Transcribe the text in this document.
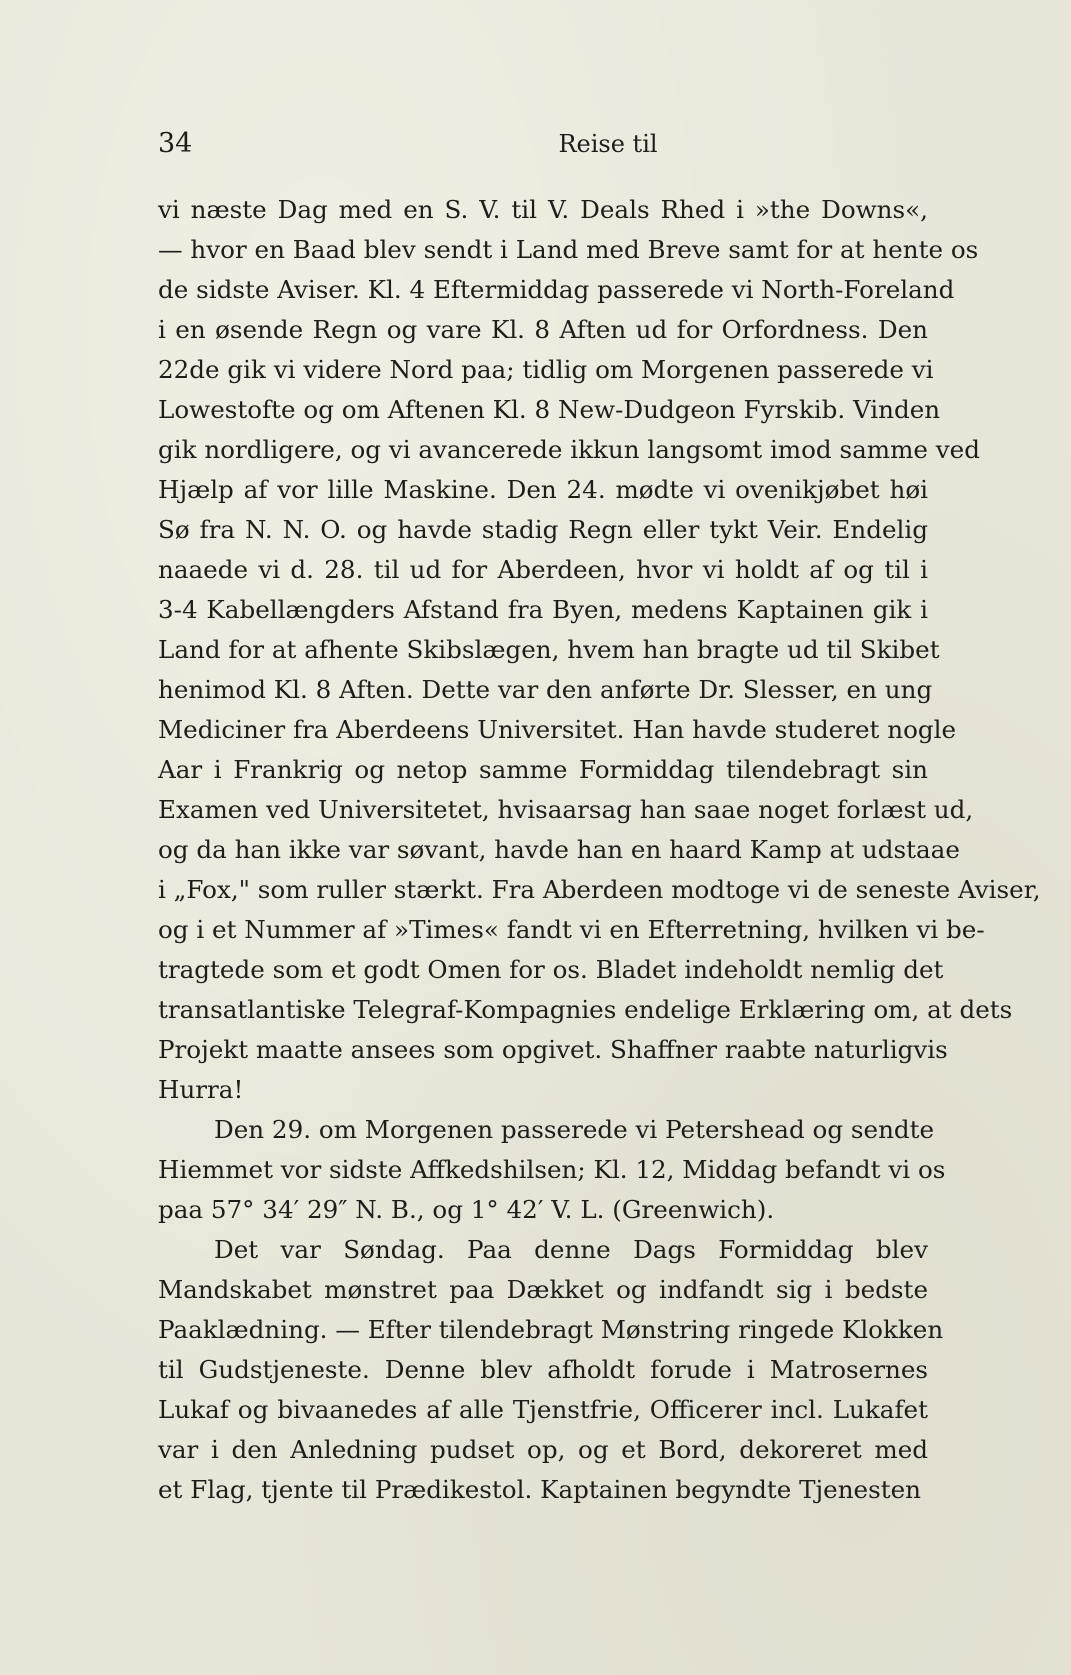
34	Reise til

vi næste Dag med en S. V. til V. Deals Rhed i »the Downs«,
— hvor en Baad blev sendt i Land med Breve samt for at hente os
de sidste Aviser. Kl. 4 Eftermiddag passerede vi North-Foreland
i en øsende Regn og vare Kl. 8 Aften ud for Orfordness. Den
22de gik vi videre Nord paa; tidlig om Morgenen passerede vi
Lowestofte og om Aftenen Kl. 8 New-Dudgeon Fyrskib. Vinden
gik nordligere, og vi avancerede ikkun langsomt imod samme ved
Hjælp af vor lille Maskine. Den 24. mødte vi ovenikjøbet høi
Sø fra N. N. O. og havde stadig Regn eller tykt Veir. Endelig
naaede vi d. 28. til ud for Aberdeen, hvor vi holdt af og til i
3-4 Kabellængders Afstand fra Byen, medens Kaptainen gik i
Land for at afhente Skibslægen, hvem han bragte ud til Skibet
henimod Kl. 8 Aften. Dette var den anførte Dr. Slesser, en ung
Mediciner fra Aberdeens Universitet. Han havde studeret nogle
Aar i Frankrig og netop samme Formiddag tilendebragt sin
Examen ved Universitetet, hvisaarsag han saae noget forlæst ud,
og da han ikke var søvant, havde han en haard Kamp at udstaae
i „Fox," som ruller stærkt. Fra Aberdeen modtoge vi de seneste Aviser,
og i et Nummer af »Times« fandt vi en Efterretning, hvilken vi be-
tragtede som et godt Omen for os. Bladet indeholdt nemlig det
transatlantiske Telegraf-Kompagnies endelige Erklæring om, at dets
Projekt maatte ansees som opgivet. Shaffner raabte naturligvis
Hurra!

Den 29. om Morgenen passerede vi Petershead og sendte
Hiemmet vor sidste Affkedshilsen; Kl. 12, Middag befandt vi os
paa 57° 34′ 29″ N. B., og 1° 42′ V. L. (Greenwich).

Det var Søndag. Paa denne Dags Formiddag blev
Mandskabet mønstret paa Dækket og indfandt sig i bedste
Paaklædning. — Efter tilendebragt Mønstring ringede Klokken
til Gudstjeneste. Denne blev afholdt forude i Matrosernes
Lukaf og bivaanedes af alle Tjenstfrie, Officerer incl. Lukafet
var i den Anledning pudset op, og et Bord, dekoreret med
et Flag, tjente til Prædikestol. Kaptainen begyndte Tjenesten
